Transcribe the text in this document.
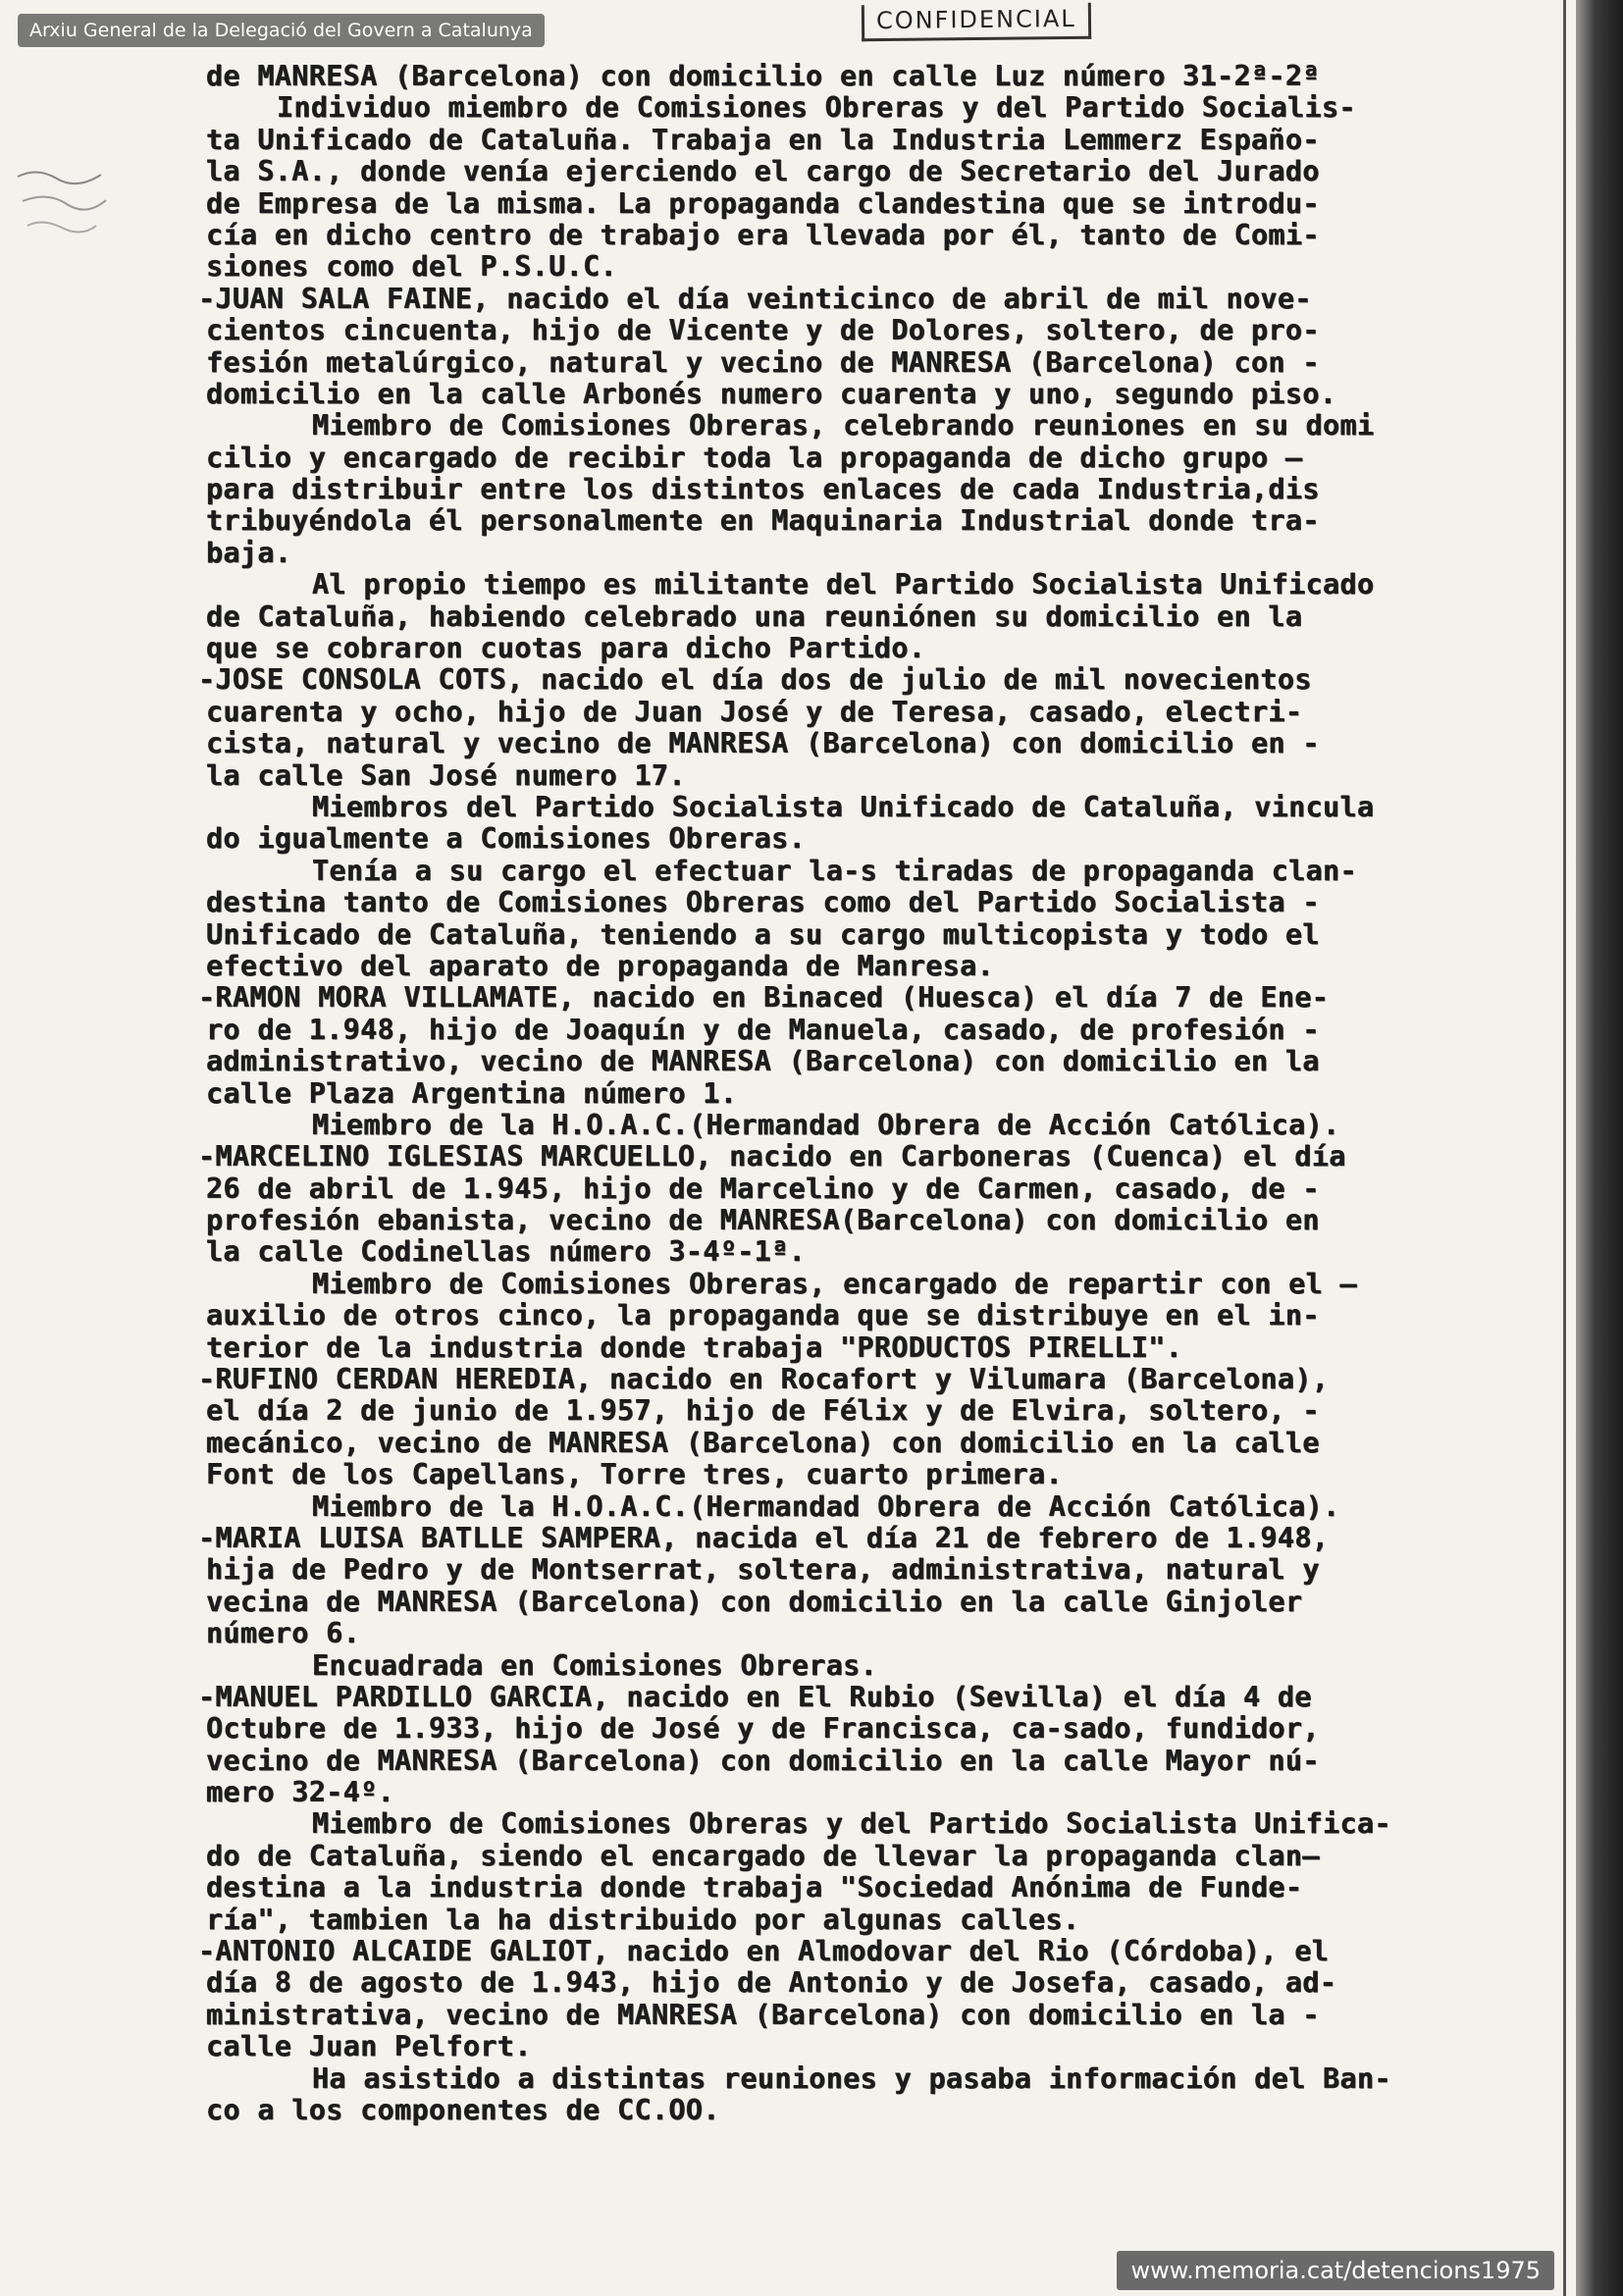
Arxiu General de la Delegació del Govern a Catalunya	CONFIDENCIAL
de MANRESA (Barcelona) con domicilio en calle Luz número 31-2ª-2ª
Individuo miembro de Comisiones Obreras y del Partido Socialis-
ta Unificado de Cataluña. Trabaja en la Industria Lemmerz Españo-
la S.A., donde venía ejerciendo el cargo de Secretario del Jurado
de Empresa de la misma. La propaganda clandestina que se introdu-
cía en dicho centro de trabajo era llevada por él, tanto de Comi-
siones como del P.S.U.C.
-JUAN SALA FAINE, nacido el día veinticinco de abril de mil nove-
cientos cincuenta, hijo de Vicente y de Dolores, soltero, de pro-
fesión metalúrgico, natural y vecino de MANRESA (Barcelona) con -
domicilio en la calle Arbonés numero cuarenta y uno, segundo piso.
Miembro de Comisiones Obreras, celebrando reuniones en su domi
cilio y encargado de recibir toda la propaganda de dicho grupo —
para distribuir entre los distintos enlaces de cada Industria,dis
tribuyéndola él personalmente en Maquinaria Industrial donde tra-
baja.
Al propio tiempo es militante del Partido Socialista Unificado
de Cataluña, habiendo celebrado una reuniónen su domicilio en la
que se cobraron cuotas para dicho Partido.
-JOSE CONSOLA COTS, nacido el día dos de julio de mil novecientos
cuarenta y ocho, hijo de Juan José y de Teresa, casado, electri-
cista, natural y vecino de MANRESA (Barcelona) con domicilio en -
la calle San José numero 17.
Miembros del Partido Socialista Unificado de Cataluña, vincula
do igualmente a Comisiones Obreras.
Tenía a su cargo el efectuar la-s tiradas de propaganda clan-
destina tanto de Comisiones Obreras como del Partido Socialista -
Unificado de Cataluña, teniendo a su cargo multicopista y todo el
efectivo del aparato de propaganda de Manresa.
-RAMON MORA VILLAMATE, nacido en Binaced (Huesca) el día 7 de Ene-
ro de 1.948, hijo de Joaquín y de Manuela, casado, de profesión -
administrativo, vecino de MANRESA (Barcelona) con domicilio en la
calle Plaza Argentina número 1.
Miembro de la H.O.A.C.(Hermandad Obrera de Acción Católica).
-MARCELINO IGLESIAS MARCUELLO, nacido en Carboneras (Cuenca) el día
26 de abril de 1.945, hijo de Marcelino y de Carmen, casado, de -
profesión ebanista, vecino de MANRESA(Barcelona) con domicilio en
la calle Codinellas número 3-4º-1ª.
Miembro de Comisiones Obreras, encargado de repartir con el —
auxilio de otros cinco, la propaganda que se distribuye en el in-
terior de la industria donde trabaja "PRODUCTOS PIRELLI".
-RUFINO CERDAN HEREDIA, nacido en Rocafort y Vilumara (Barcelona),
el día 2 de junio de 1.957, hijo de Félix y de Elvira, soltero, -
mecánico, vecino de MANRESA (Barcelona) con domicilio en la calle
Font de los Capellans, Torre tres, cuarto primera.
Miembro de la H.O.A.C.(Hermandad Obrera de Acción Católica).
-MARIA LUISA BATLLE SAMPERA, nacida el día 21 de febrero de 1.948,
hija de Pedro y de Montserrat, soltera, administrativa, natural y
vecina de MANRESA (Barcelona) con domicilio en la calle Ginjoler
número 6.
Encuadrada en Comisiones Obreras.
-MANUEL PARDILLO GARCIA, nacido en El Rubio (Sevilla) el día 4 de
Octubre de 1.933, hijo de José y de Francisca, ca-sado, fundidor,
vecino de MANRESA (Barcelona) con domicilio en la calle Mayor nú-
mero 32-4º.
Miembro de Comisiones Obreras y del Partido Socialista Unifica-
do de Cataluña, siendo el encargado de llevar la propaganda clan—
destina a la industria donde trabaja "Sociedad Anónima de Funde-
ría", tambien la ha distribuido por algunas calles.
-ANTONIO ALCAIDE GALIOT, nacido en Almodovar del Rio (Córdoba), el
día 8 de agosto de 1.943, hijo de Antonio y de Josefa, casado, ad-
ministrativa, vecino de MANRESA (Barcelona) con domicilio en la -
calle Juan Pelfort.
Ha asistido a distintas reuniones y pasaba información del Ban-
co a los componentes de CC.OO.
www.memoria.cat/detencions1975
